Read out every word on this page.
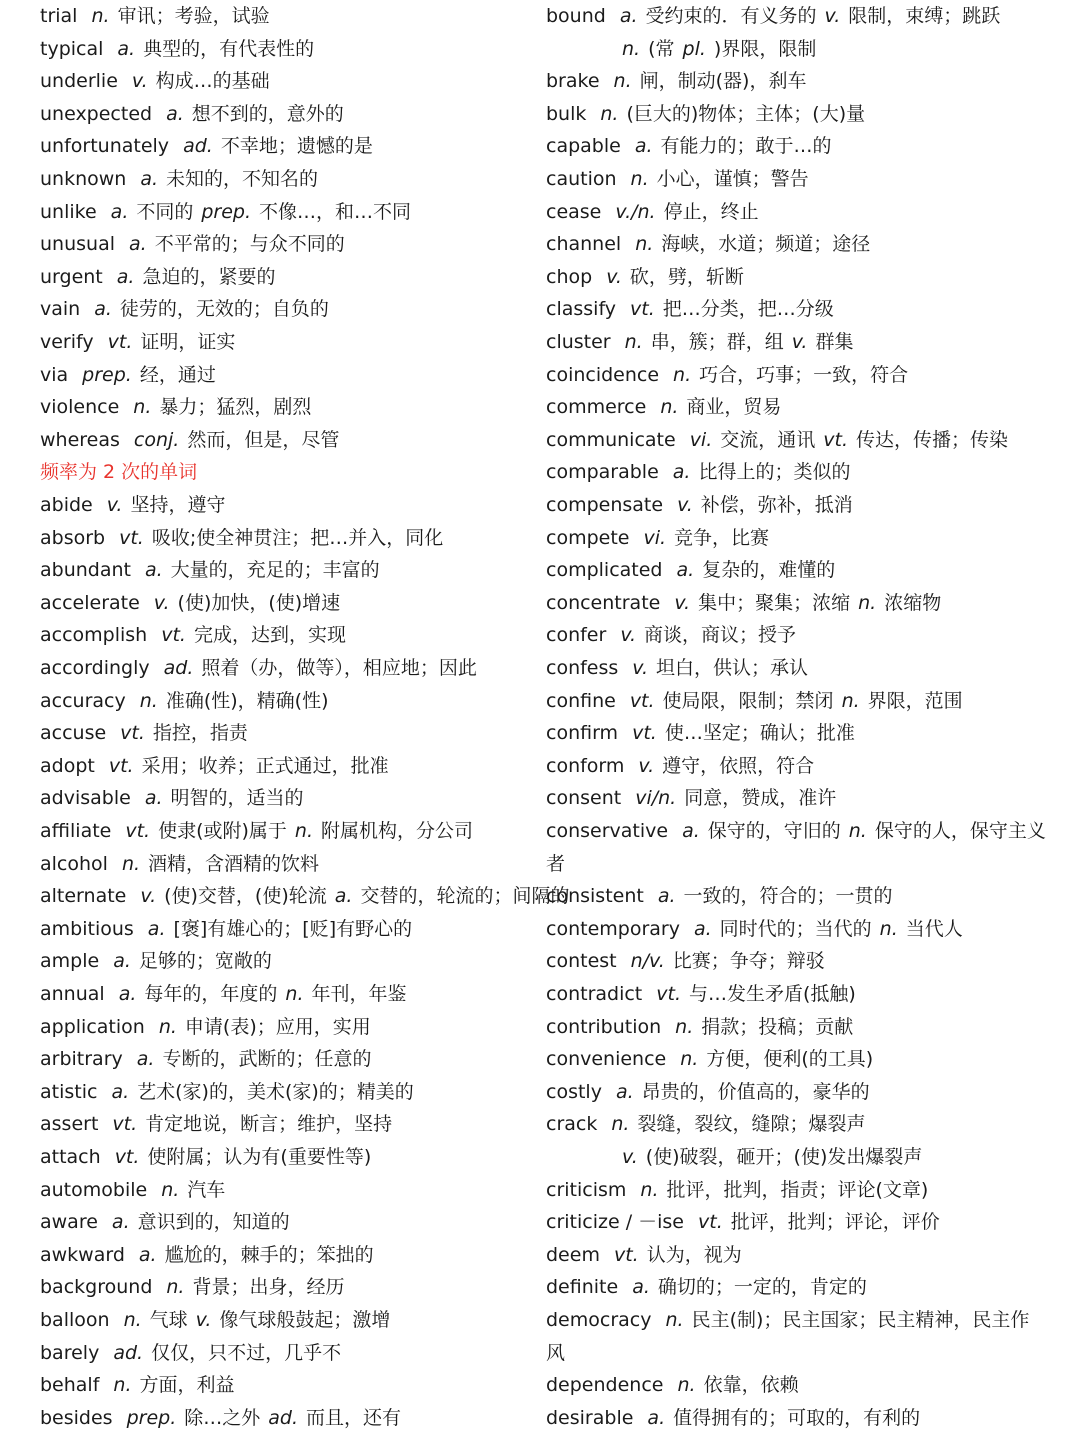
trial n. 审讯；考验，试验
typical a. 典型的，有代表性的
underlie v. 构成…的基础
unexpected a. 想不到的，意外的
unfortunately ad. 不幸地；遗憾的是
unknown a. 未知的，不知名的
unlike a. 不同的 prep. 不像…，和…不同
unusual a. 不平常的；与众不同的
urgent a. 急迫的，紧要的
vain a. 徒劳的，无效的；自负的
verify vt. 证明，证实
via prep. 经，通过
violence n. 暴力；猛烈，剧烈
whereas conj. 然而，但是，尽管
频率为 2 次的单词
abide v. 坚持，遵守
absorb vt. 吸收;使全神贯注；把…并入，同化
abundant a. 大量的，充足的；丰富的
accelerate v. (使)加快，(使)增速
accomplish vt. 完成，达到，实现
accordingly ad. 照着（办，做等），相应地；因此
accuracy n. 准确(性)，精确(性)
accuse vt. 指控，指责
adopt vt. 采用；收养；正式通过，批准
advisable a. 明智的，适当的
affiliate vt. 使隶(或附)属于 n. 附属机构，分公司
alcohol n. 酒精，含酒精的饮料
alternate v. (使)交替，(使)轮流 a. 交替的，轮流的；间隔的
ambitious a. [褒]有雄心的；[贬]有野心的
ample a. 足够的；宽敞的
annual a. 每年的，年度的 n. 年刊，年鉴
application n. 申请(表)；应用，实用
arbitrary a. 专断的，武断的；任意的
atistic a. 艺术(家)的，美术(家)的；精美的
assert vt. 肯定地说，断言；维护，坚持
attach vt. 使附属；认为有(重要性等)
automobile n. 汽车
aware a. 意识到的，知道的
awkward a. 尴尬的，棘手的；笨拙的
background n. 背景；出身，经历
balloon n. 气球 v. 像气球般鼓起；激增
barely ad. 仅仅，只不过，几乎不
behalf n. 方面，利益
besides prep. 除…之外 ad. 而且，还有
bound a. 受约束的．有义务的 v. 限制，束缚；跳跃
n. (常 pl. )界限，限制
brake n. 闸，制动(器)，刹车
bulk n. (巨大的)物体；主体；(大)量
capable a. 有能力的；敢于…的
caution n. 小心，谨慎；警告
cease v./n. 停止，终止
channel n. 海峡，水道；频道；途径
chop v. 砍，劈，斩断
classify vt. 把…分类，把…分级
cluster n. 串，簇；群，组 v. 群集
coincidence n. 巧合，巧事；一致，符合
commerce n. 商业，贸易
communicate vi. 交流，通讯 vt. 传达，传播；传染
comparable a. 比得上的；类似的
compensate v. 补偿，弥补，抵消
compete vi. 竞争，比赛
complicated a. 复杂的，难懂的
concentrate v. 集中；聚集；浓缩 n. 浓缩物
confer v. 商谈，商议；授予
confess v. 坦白，供认；承认
confine vt. 使局限，限制；禁闭 n. 界限，范围
confirm vt. 使…坚定；确认；批准
conform v. 遵守，依照，符合
consent vi/n. 同意，赞成，准许
conservative a. 保守的，守旧的 n. 保守的人，保守主义
者
consistent a. 一致的，符合的；一贯的
contemporary a. 同时代的；当代的 n. 当代人
contest n/v. 比赛；争夺；辩驳
contradict vt. 与…发生矛盾(抵触)
contribution n. 捐款；投稿；贡献
convenience n. 方便，便利(的工具)
costly a. 昂贵的，价值高的，豪华的
crack n. 裂缝，裂纹，缝隙；爆裂声
v. (使)破裂，砸开；(使)发出爆裂声
criticism n. 批评，批判，指责；评论(文章)
criticize / －ise vt. 批评，批判；评论，评价
deem vt. 认为，视为
definite a. 确切的；一定的，肯定的
democracy n. 民主(制)；民主国家；民主精神，民主作
风
dependence n. 依靠，依赖
desirable a. 值得拥有的；可取的，有利的
